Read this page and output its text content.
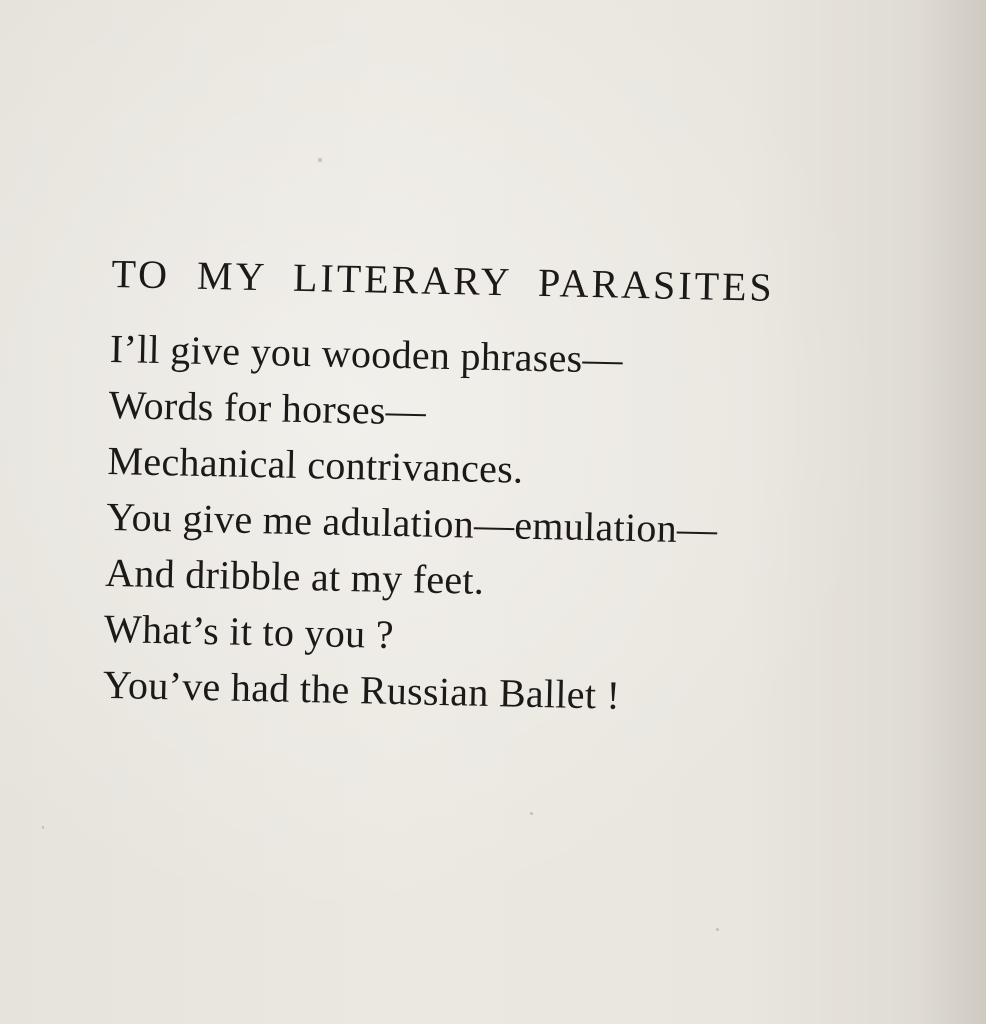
TO MY LITERARY PARASITES
I’ll give you wooden phrases—
Words for horses—
Mechanical contrivances.
You give me adulation—emulation—
And dribble at my feet.
What’s it to you ?
You’ve had the Russian Ballet !
